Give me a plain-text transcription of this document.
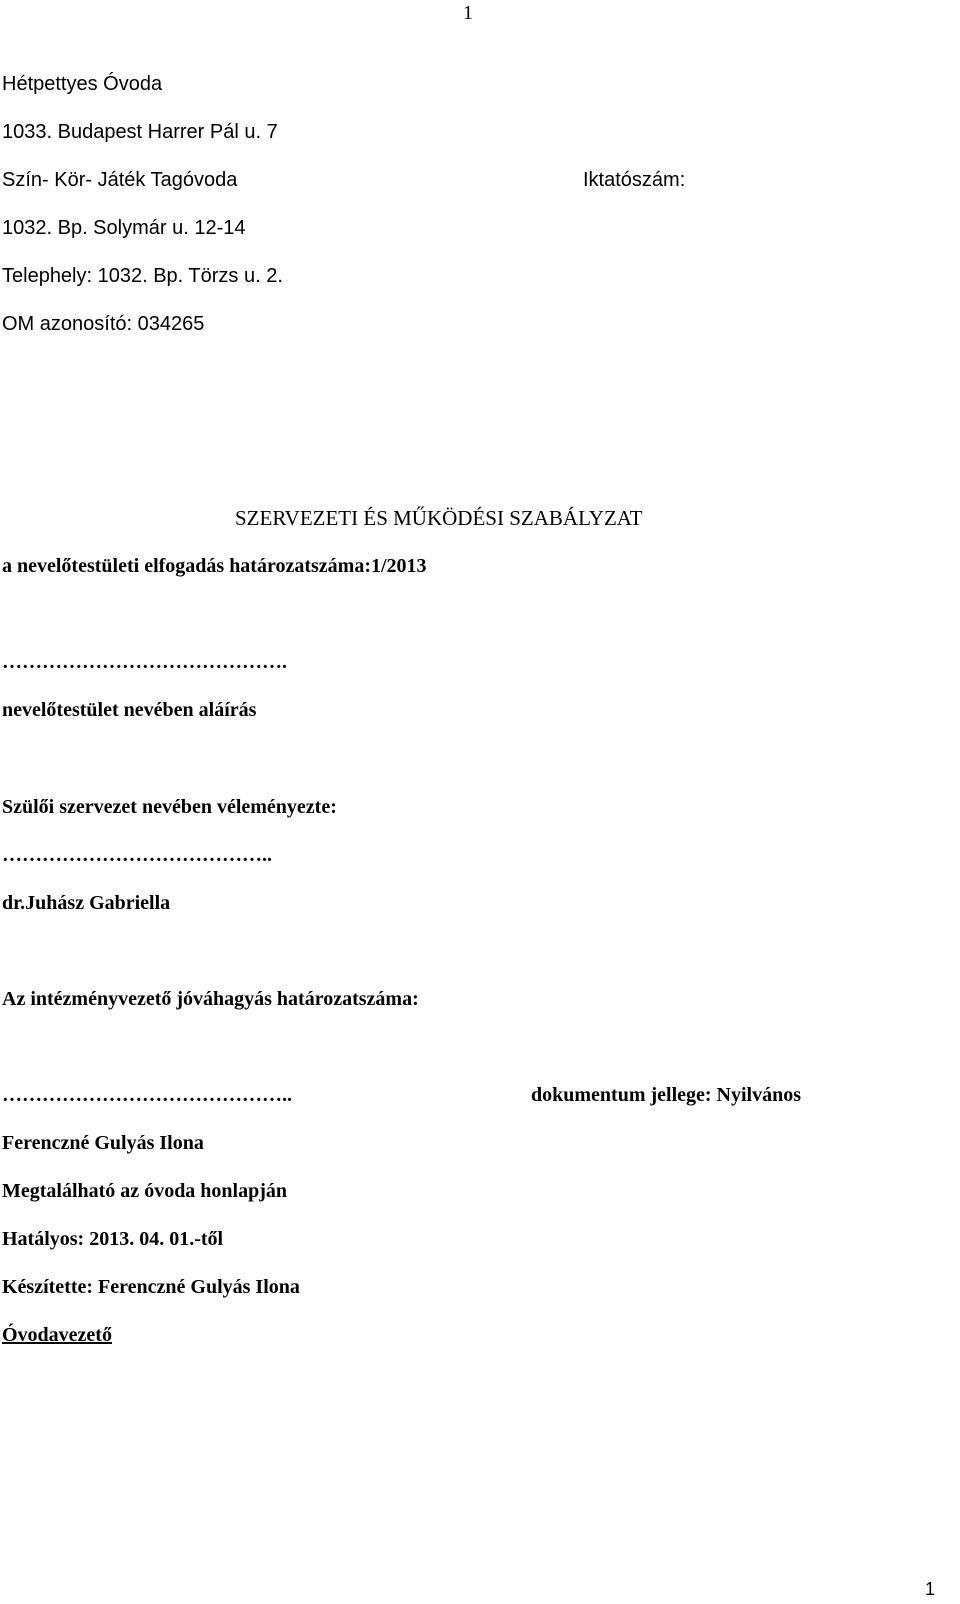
1
Hétpettyes Óvoda
1033. Budapest Harrer Pál u. 7
Szín- Kör- Játék Tagóvoda	Iktatószám:
1032. Bp. Solymár u. 12-14
Telephely: 1032. Bp. Törzs u. 2.
OM azonosító: 034265
SZERVEZETI ÉS MŰKÖDÉSI SZABÁLYZAT
a nevelőtestületi elfogadás határozatszáma:1/2013
…………………………………….
nevelőtestület nevében aláírás
Szülői szervezet nevében véleményezte:
…………………………………..
dr.Juhász Gabriella
Az intézményvezető jóváhagyás határozatszáma:
……………………………………..	dokumentum jellege: Nyilvános
Ferenczné Gulyás Ilona
Megtalálható az óvoda honlapján
Hatályos: 2013. 04. 01.-től
Készítette: Ferenczné Gulyás Ilona
Óvodavezető
1
